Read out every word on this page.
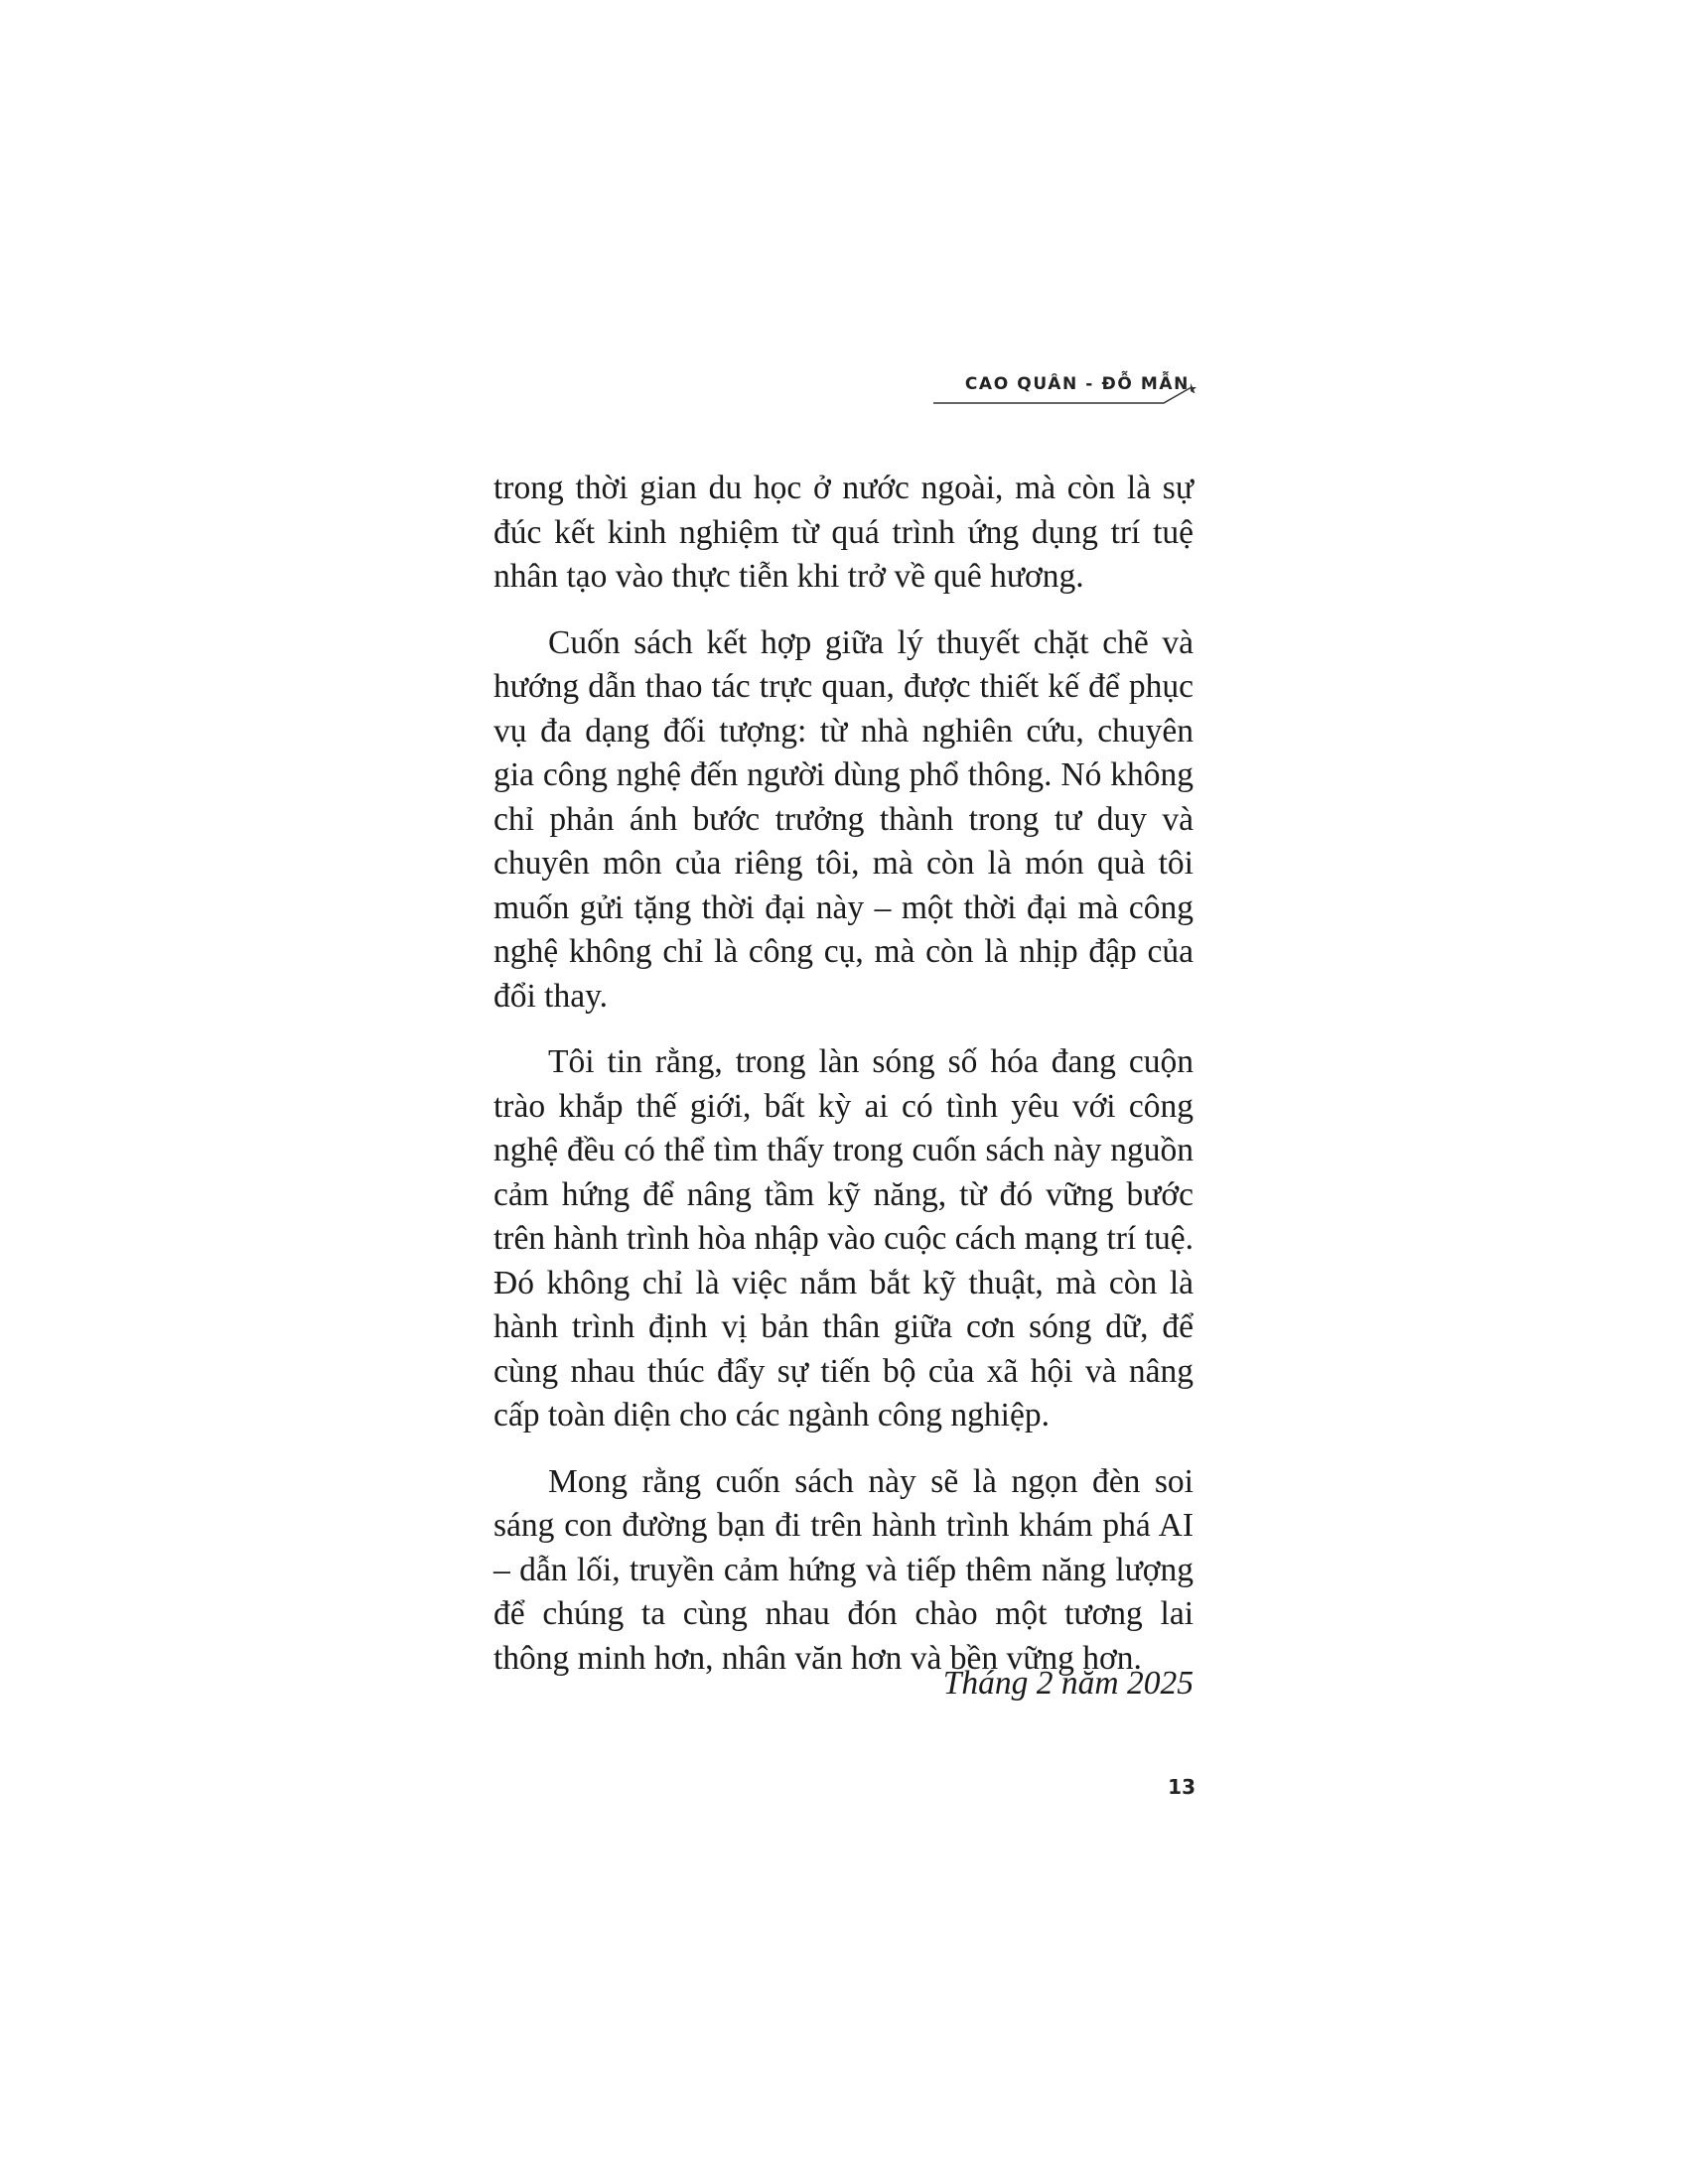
CAO QUÂN - ĐỖ MẪN

trong thời gian du học ở nước ngoài, mà còn là sự đúc kết kinh nghiệm từ quá trình ứng dụng trí tuệ nhân tạo vào thực tiễn khi trở về quê hương.

Cuốn sách kết hợp giữa lý thuyết chặt chẽ và hướng dẫn thao tác trực quan, được thiết kế để phục vụ đa dạng đối tượng: từ nhà nghiên cứu, chuyên gia công nghệ đến người dùng phổ thông. Nó không chỉ phản ánh bước trưởng thành trong tư duy và chuyên môn của riêng tôi, mà còn là món quà tôi muốn gửi tặng thời đại này – một thời đại mà công nghệ không chỉ là công cụ, mà còn là nhịp đập của đổi thay.

Tôi tin rằng, trong làn sóng số hóa đang cuộn trào khắp thế giới, bất kỳ ai có tình yêu với công nghệ đều có thể tìm thấy trong cuốn sách này nguồn cảm hứng để nâng tầm kỹ năng, từ đó vững bước trên hành trình hòa nhập vào cuộc cách mạng trí tuệ. Đó không chỉ là việc nắm bắt kỹ thuật, mà còn là hành trình định vị bản thân giữa cơn sóng dữ, để cùng nhau thúc đẩy sự tiến bộ của xã hội và nâng cấp toàn diện cho các ngành công nghiệp.

Mong rằng cuốn sách này sẽ là ngọn đèn soi sáng con đường bạn đi trên hành trình khám phá AI – dẫn lối, truyền cảm hứng và tiếp thêm năng lượng để chúng ta cùng nhau đón chào một tương lai thông minh hơn, nhân văn hơn và bền vững hơn.

Tháng 2 năm 2025
13
